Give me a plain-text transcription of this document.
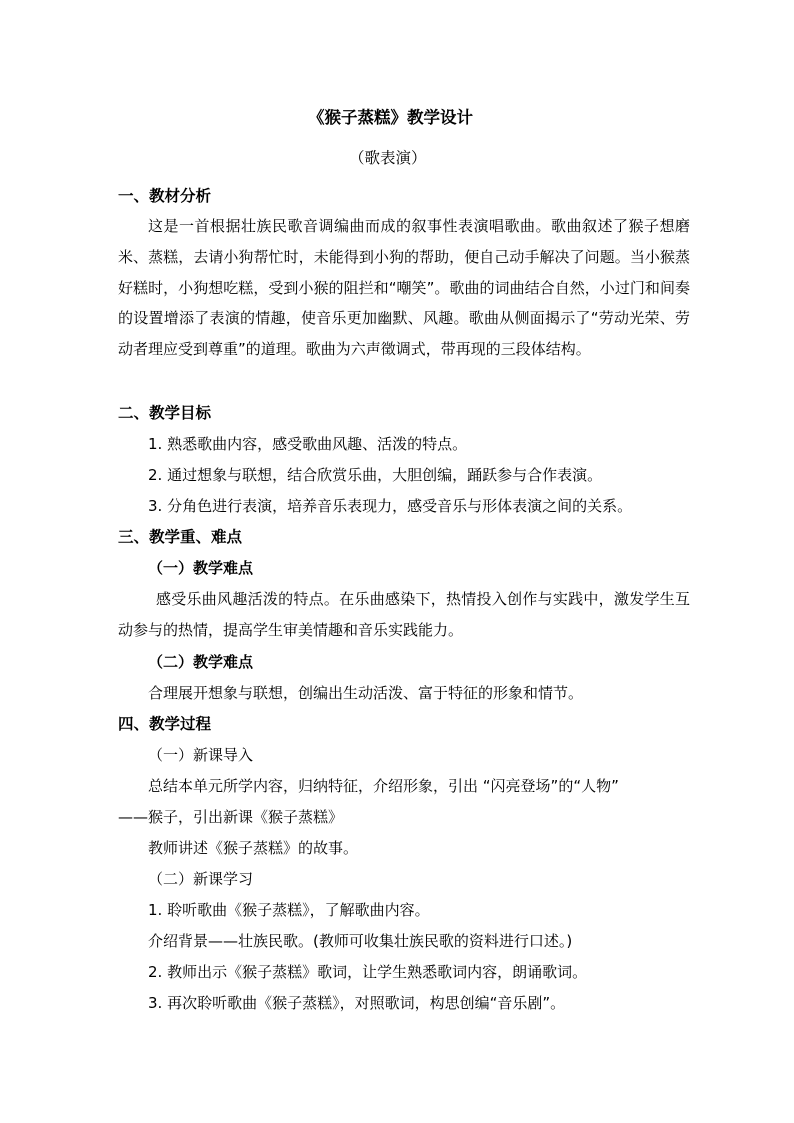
《猴子蒸糕》教学设计
（歌表演）
一、教材分析
这是一首根据壮族民歌音调编曲而成的叙事性表演唱歌曲。歌曲叙述了猴子想磨米、蒸糕，去请小狗帮忙时，未能得到小狗的帮助，便自己动手解决了问题。当小猴蒸好糕时，小狗想吃糕，受到小猴的阻拦和“嘲笑”。歌曲的词曲结合自然，小过门和间奏的设置增添了表演的情趣，使音乐更加幽默、风趣。歌曲从侧面揭示了“劳动光荣、劳动者理应受到尊重”的道理。歌曲为六声徵调式，带再现的三段体结构。
二、教学目标
1. 熟悉歌曲内容，感受歌曲风趣、活泼的特点。
2. 通过想象与联想，结合欣赏乐曲，大胆创编，踊跃参与合作表演。
3. 分角色进行表演，培养音乐表现力，感受音乐与形体表演之间的关系。
三、教学重、难点
（一）教学难点
感受乐曲风趣活泼的特点。在乐曲感染下，热情投入创作与实践中，激发学生互动参与的热情，提高学生审美情趣和音乐实践能力。
（二）教学难点
合理展开想象与联想，创编出生动活泼、富于特征的形象和情节。
四、教学过程
（一）新课导入
总结本单元所学内容，归纳特征，介绍形象，引出 “闪亮登场”的“人物”
——猴子，引出新课《猴子蒸糕》
教师讲述《猴子蒸糕》的故事。
（二）新课学习
1. 聆听歌曲《猴子蒸糕》，了解歌曲内容。
介绍背景——壮族民歌。(教师可收集壮族民歌的资料进行口述。)
2. 教师出示《猴子蒸糕》歌词，让学生熟悉歌词内容，朗诵歌词。
3. 再次聆听歌曲《猴子蒸糕》，对照歌词，构思创编“音乐剧”。
